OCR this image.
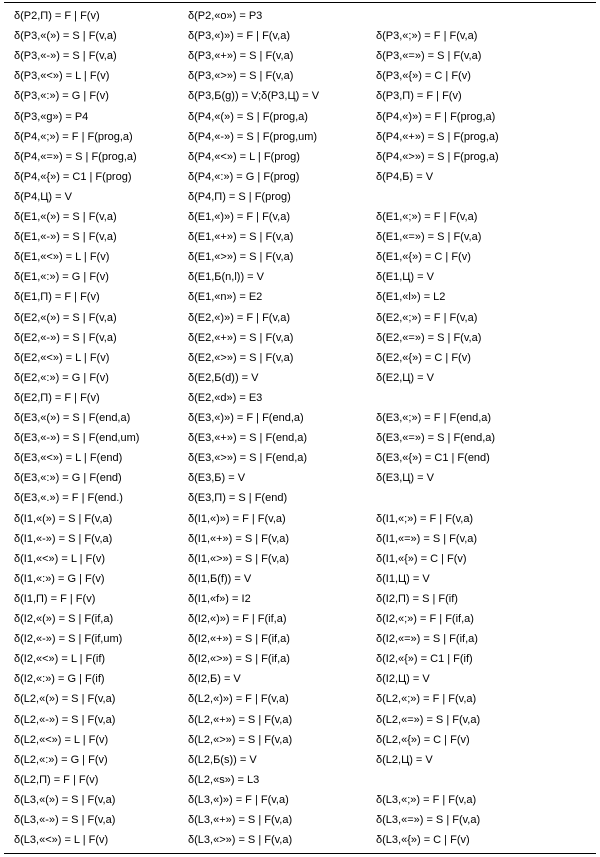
δ(P2,П) = F | F(v)	δ(P2,«o») = P3
δ(P3,«(») = S | F(v,a)	δ(P3,«)») = F | F(v,a)	δ(P3,«;») = F | F(v,a)
δ(P3,«-») = S | F(v,a)	δ(P3,«+») = S | F(v,a)	δ(P3,«=») = S | F(v,a)
δ(P3,«<») = L | F(v)	δ(P3,«>») = S | F(v,a)	δ(P3,«{») = C | F(v)
δ(P3,«:») = G | F(v)	δ(P3,Б(g)) = V;δ(P3,Ц) = V	δ(P3,П) = F | F(v)
δ(P3,«g») = P4	δ(P4,«(») = S | F(prog,a)	δ(P4,«)») = F | F(prog,a)
δ(P4,«;») = F | F(prog,a)	δ(P4,«-») = S | F(prog,um)	δ(P4,«+») = S | F(prog,a)
δ(P4,«=») = S | F(prog,a)	δ(P4,«<») = L | F(prog)	δ(P4,«>») = S | F(prog,a)
δ(P4,«{») = C1 | F(prog)	δ(P4,«:») = G | F(prog)	δ(P4,Б) = V
δ(P4,Ц) = V	δ(P4,П) = S | F(prog)
δ(E1,«(») = S | F(v,a)	δ(E1,«)») = F | F(v,a)	δ(E1,«;») = F | F(v,a)
δ(E1,«-») = S | F(v,a)	δ(E1,«+») = S | F(v,a)	δ(E1,«=») = S | F(v,a)
δ(E1,«<») = L | F(v)	δ(E1,«>») = S | F(v,a)	δ(E1,«{») = C | F(v)
δ(E1,«:») = G | F(v)	δ(E1,Б(n,l)) = V	δ(E1,Ц) = V
δ(E1,П) = F | F(v)	δ(E1,«n») = E2	δ(E1,«l») = L2
δ(E2,«(») = S | F(v,a)	δ(E2,«)») = F | F(v,a)	δ(E2,«;») = F | F(v,a)
δ(E2,«-») = S | F(v,a)	δ(E2,«+») = S | F(v,a)	δ(E2,«=») = S | F(v,a)
δ(E2,«<») = L | F(v)	δ(E2,«>») = S | F(v,a)	δ(E2,«{») = C | F(v)
δ(E2,«:») = G | F(v)	δ(E2,Б(d)) = V	δ(E2,Ц) = V
δ(E2,П) = F | F(v)	δ(E2,«d») = E3
δ(E3,«(») = S | F(end,a)	δ(E3,«)») = F | F(end,a)	δ(E3,«;») = F | F(end,a)
δ(E3,«-») = S | F(end,um)	δ(E3,«+») = S | F(end,a)	δ(E3,«=») = S | F(end,a)
δ(E3,«<») = L | F(end)	δ(E3,«>») = S | F(end,a)	δ(E3,«{») = C1 | F(end)
δ(E3,«:») = G | F(end)	δ(E3,Б) = V	δ(E3,Ц) = V
δ(E3,«.») = F | F(end.)	δ(E3,П) = S | F(end)
δ(I1,«(») = S | F(v,a)	δ(I1,«)») = F | F(v,a)	δ(I1,«;») = F | F(v,a)
δ(I1,«-») = S | F(v,a)	δ(I1,«+») = S | F(v,a)	δ(I1,«=») = S | F(v,a)
δ(I1,«<») = L | F(v)	δ(I1,«>») = S | F(v,a)	δ(I1,«{») = C | F(v)
δ(I1,«:») = G | F(v)	δ(I1,Б(f)) = V	δ(I1,Ц) = V
δ(I1,П) = F | F(v)	δ(I1,«f») = I2	δ(I2,П) = S | F(if)
δ(I2,«(») = S | F(if,a)	δ(I2,«)») = F | F(if,a)	δ(I2,«;») = F | F(if,a)
δ(I2,«-») = S | F(if,um)	δ(I2,«+») = S | F(if,a)	δ(I2,«=») = S | F(if,a)
δ(I2,«<») = L | F(if)	δ(I2,«>») = S | F(if,a)	δ(I2,«{») = C1 | F(if)
δ(I2,«:») = G | F(if)	δ(I2,Б) = V	δ(I2,Ц) = V
δ(L2,«(») = S | F(v,a)	δ(L2,«)») = F | F(v,a)	δ(L2,«;») = F | F(v,a)
δ(L2,«-») = S | F(v,a)	δ(L2,«+») = S | F(v,a)	δ(L2,«=») = S | F(v,a)
δ(L2,«<») = L | F(v)	δ(L2,«>») = S | F(v,a)	δ(L2,«{») = C | F(v)
δ(L2,«:») = G | F(v)	δ(L2,Б(s)) = V	δ(L2,Ц) = V
δ(L2,П) = F | F(v)	δ(L2,«s») = L3
δ(L3,«(») = S | F(v,a)	δ(L3,«)») = F | F(v,a)	δ(L3,«;») = F | F(v,a)
δ(L3,«-») = S | F(v,a)	δ(L3,«+») = S | F(v,a)	δ(L3,«=») = S | F(v,a)
δ(L3,«<») = L | F(v)	δ(L3,«>») = S | F(v,a)	δ(L3,«{») = C | F(v)
